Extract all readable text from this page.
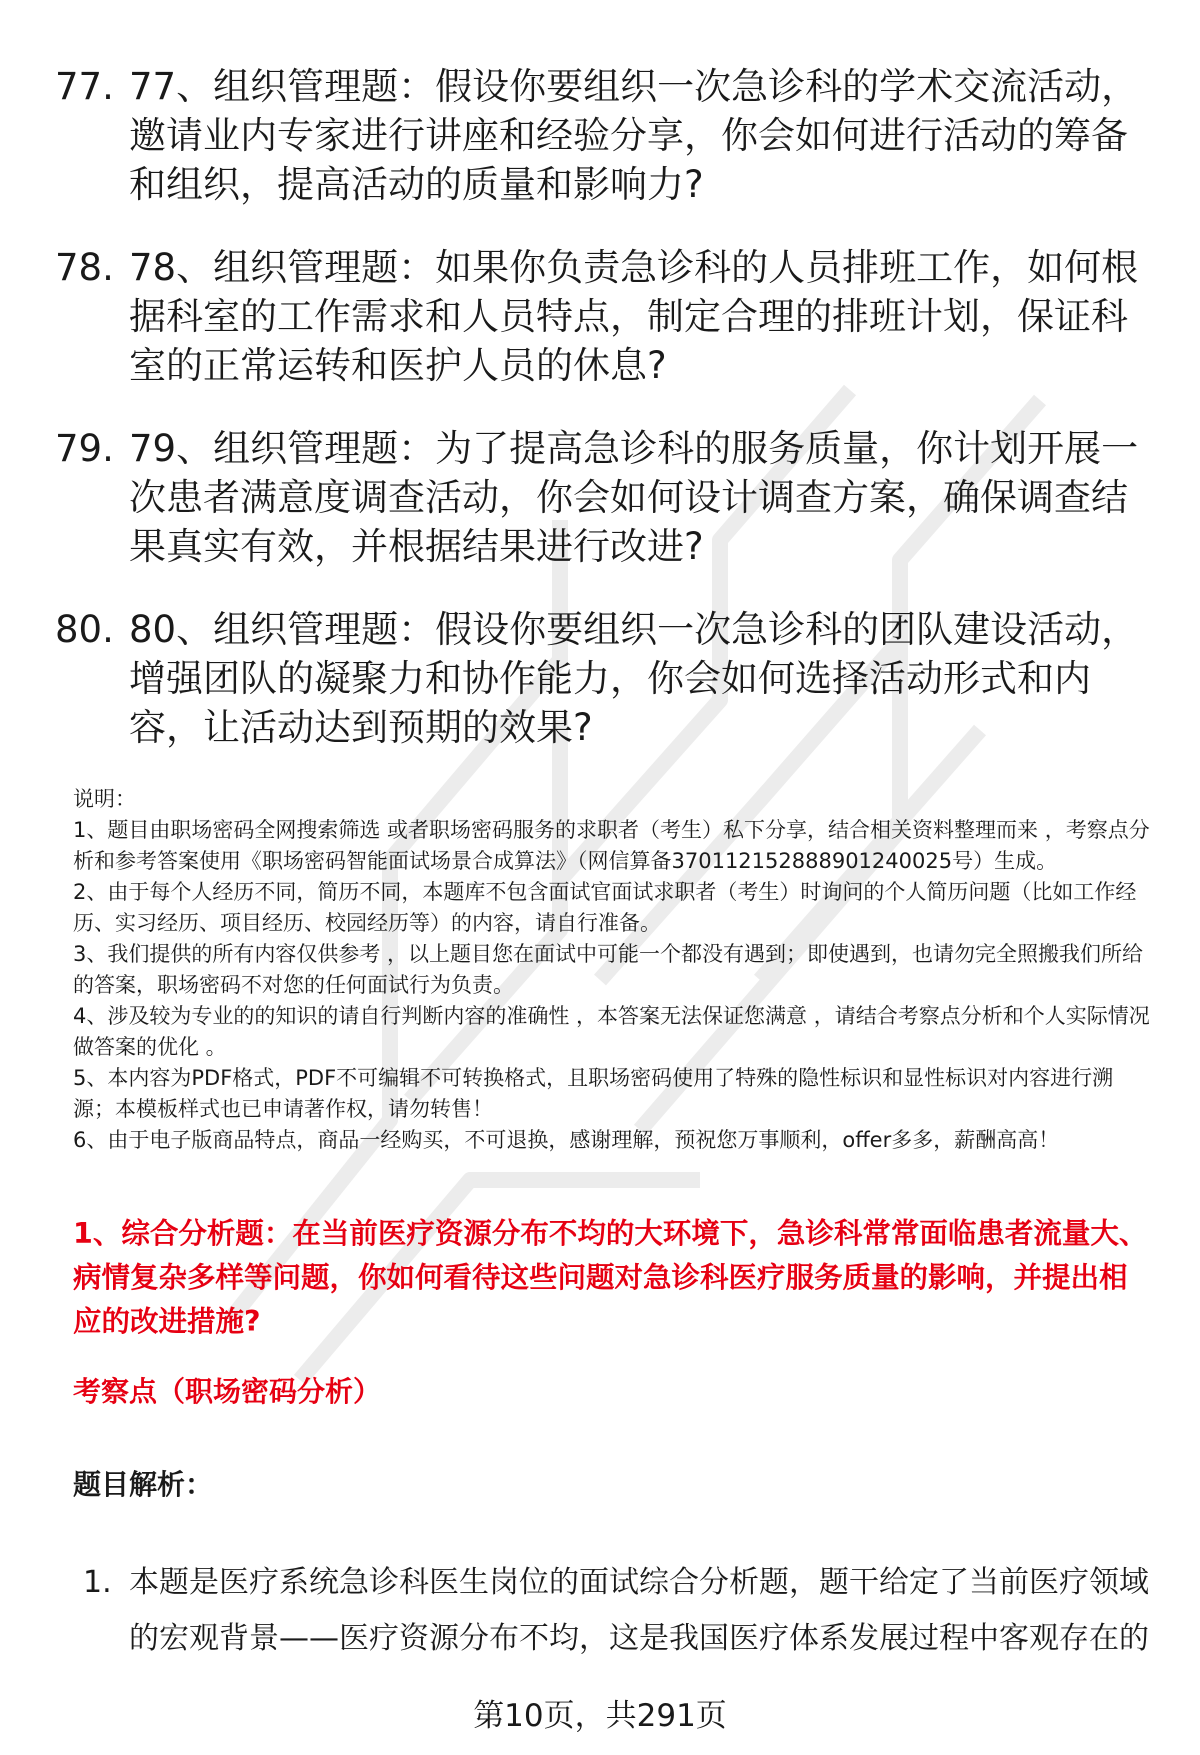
77. 77、组织管理题：假设你要组织一次急诊科的学术交流活动，邀请业内专家进行讲座和经验分享，你会如何进行活动的筹备和组织，提高活动的质量和影响力?
78. 78、组织管理题：如果你负责急诊科的人员排班工作，如何根据科室的工作需求和人员特点，制定合理的排班计划，保证科室的正常运转和医护人员的休息?
79. 79、组织管理题：为了提高急诊科的服务质量，你计划开展一次患者满意度调查活动，你会如何设计调查方案，确保调查结果真实有效，并根据结果进行改进?
80. 80、组织管理题：假设你要组织一次急诊科的团队建设活动，增强团队的凝聚力和协作能力，你会如何选择活动形式和内容，让活动达到预期的效果?

说明：

1、题目由职场密码全网搜索筛选 或者职场密码服务的求职者（考生）私下分享，结合相关资料整理而来 ，考察点分析和参考答案使用《职场密码智能面试场景合成算法》（网信算备370112152888901240025号）生成。

2、由于每个人经历不同，简历不同，本题库不包含面试官面试求职者（考生）时询问的个人简历问题（比如工作经历、实习经历、项目经历、校园经历等）的内容，请自行准备。

3、我们提供的所有内容仅供参考 ，以上题目您在面试中可能一个都没有遇到；即使遇到，也请勿完全照搬我们所给的答案，职场密码不对您的任何面试行为负责。

4、涉及较为专业的的知识的请自行判断内容的准确性 ，本答案无法保证您满意 ，请结合考察点分析和个人实际情况做答案的优化 。

5、本内容为PDF格式，PDF不可编辑不可转换格式，且职场密码使用了特殊的隐性标识和显性标识对内容进行溯源；本模板样式也已申请著作权，请勿转售！

6、由于电子版商品特点，商品一经购买，不可退换，感谢理解，预祝您万事顺利，offer多多，薪酬高高！

1、综合分析题：在当前医疗资源分布不均的大环境下，急诊科常常面临患者流量大、病情复杂多样等问题，你如何看待这些问题对急诊科医疗服务质量的影响，并提出相应的改进措施?
考察点（职场密码分析）
题目解析：
1. 本题是医疗系统急诊科医生岗位的面试综合分析题，题干给定了当前医疗领域的宏观背景——医疗资源分布不均，这是我国医疗体系发展过程中客观存在的
第10页，共291页
